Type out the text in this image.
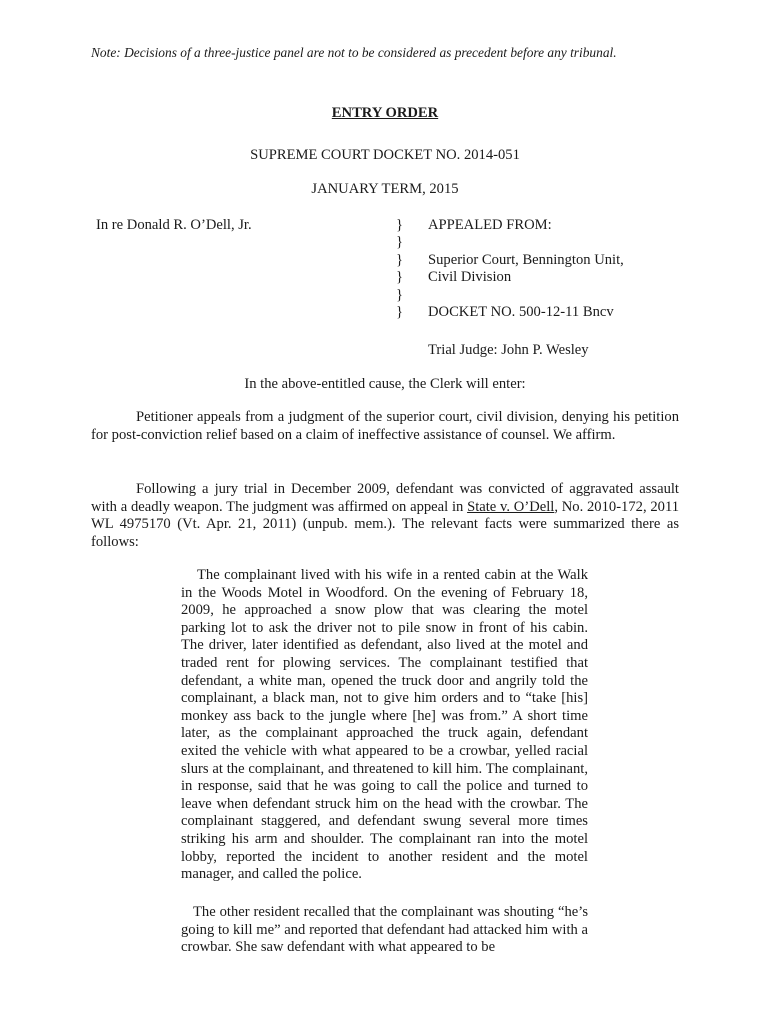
Note: Decisions of a three-justice panel are not to be considered as precedent before any tribunal.
ENTRY ORDER
SUPREME COURT DOCKET NO. 2014-051
JANUARY TERM, 2015
In re Donald R. O’Dell, Jr.	}
}
}
}
}
}
APPEALED FROM:
Superior Court, Bennington Unit,
Civil Division
DOCKET NO. 500-12-11 Bncv
Trial Judge: John P. Wesley
In the above-entitled cause, the Clerk will enter:
Petitioner appeals from a judgment of the superior court, civil division, denying his petition for post-conviction relief based on a claim of ineffective assistance of counsel. We affirm.
Following a jury trial in December 2009, defendant was convicted of aggravated assault with a deadly weapon. The judgment was affirmed on appeal in State v. O’Dell, No. 2010-172, 2011 WL 4975170 (Vt. Apr. 21, 2011) (unpub. mem.). The relevant facts were summarized there as follows:
The complainant lived with his wife in a rented cabin at the Walk in the Woods Motel in Woodford. On the evening of February 18, 2009, he approached a snow plow that was clearing the motel parking lot to ask the driver not to pile snow in front of his cabin. The driver, later identified as defendant, also lived at the motel and traded rent for plowing services. The complainant testified that defendant, a white man, opened the truck door and angrily told the complainant, a black man, not to give him orders and to “take [his] monkey ass back to the jungle where [he] was from.” A short time later, as the complainant approached the truck again, defendant exited the vehicle with what appeared to be a crowbar, yelled racial slurs at the complainant, and threatened to kill him. The complainant, in response, said that he was going to call the police and turned to leave when defendant struck him on the head with the crowbar. The complainant staggered, and defendant swung several more times striking his arm and shoulder. The complainant ran into the motel lobby, reported the incident to another resident and the motel manager, and called the police.
The other resident recalled that the complainant was shouting “he’s going to kill me” and reported that defendant had attacked him with a crowbar. She saw defendant with what appeared to be
